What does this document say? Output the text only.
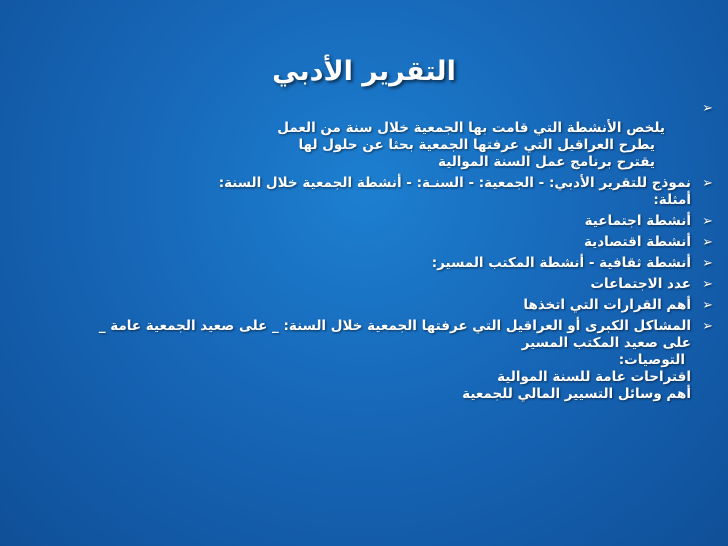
التقرير الأدبي
➢
يلخص الأنشطة التي قامت بها الجمعية خلال سنة من العمل
يطرح العراقيل التي عرفتها الجمعية بحثا عن حلول لها
يقترح برنامج عمل السنة الموالية
➢
نموذج للتقرير الأدبي: - الجمعية: - السنـة: - أنشطة الجمعية خلال السنة:
أمثلة:
➢
أنشطة اجتماعية
➢
أنشطة اقتصادية
➢
أنشطة ثقافية - أنشطة المكتب المسير:
➢
عدد الاجتماعات
➢
أهم القرارات التي اتخذها
➢
المشاكل الكبرى أو العراقيل التي عرفتها الجمعية خلال السنة: _ على صعيد الجمعية عامة _
على صعيد المكتب المسير
التوصيات:
اقتراحات عامة للسنة الموالية
أهم وسائل التسيير المالي للجمعية
